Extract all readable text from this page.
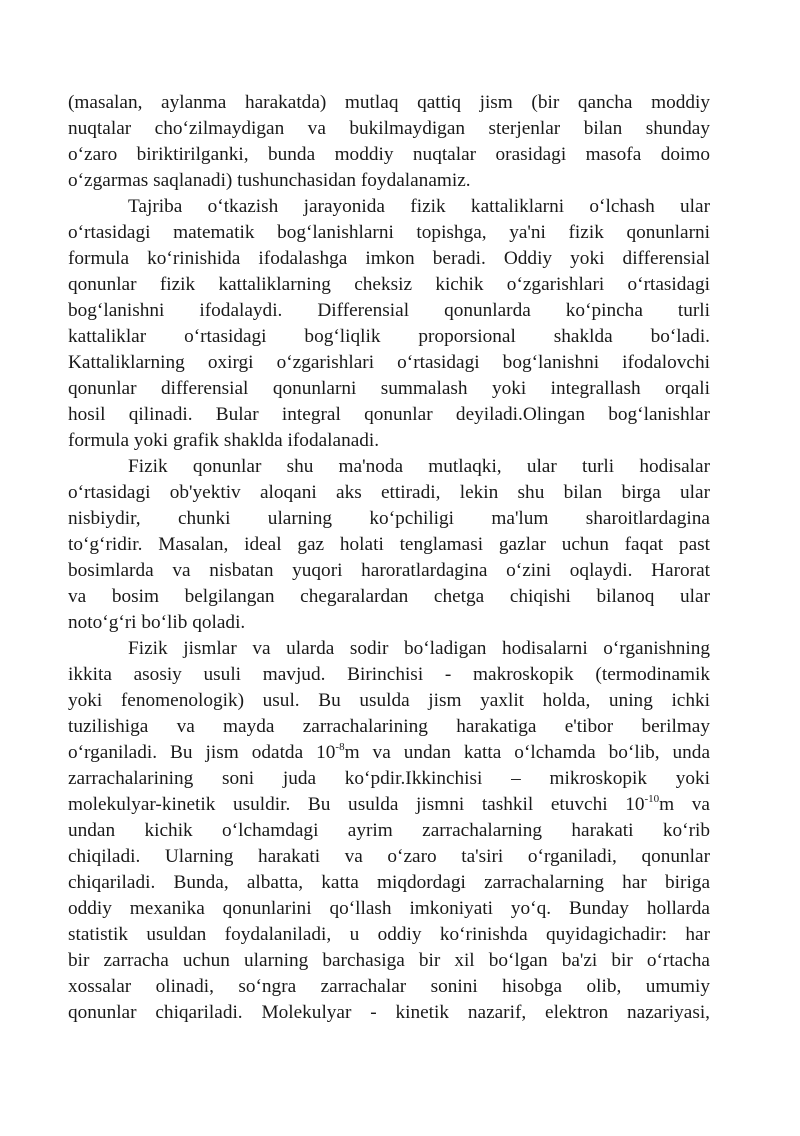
(masalan, aylanma harakatda) mutlaq qattiq jism (bir qancha moddiy
nuqtalar cho‘zilmaydigan va bukilmaydigan sterjenlar bilan shunday
o‘zaro biriktirilganki, bunda moddiy nuqtalar orasidagi masofa doimo
o‘zgarmas saqlanadi) tushunchasidan foydalanamiz.
Tajriba o‘tkazish jarayonida fizik kattaliklarni o‘lchash ular
o‘rtasidagi matematik bog‘lanishlarni topishga, ya'ni fizik qonunlarni
formula ko‘rinishida ifodalashga imkon beradi. Oddiy yoki differensial
qonunlar fizik kattaliklarning cheksiz kichik o‘zgarishlari o‘rtasidagi
bog‘lanishni ifodalaydi. Differensial qonunlarda ko‘pincha turli
kattaliklar o‘rtasidagi bog‘liqlik proporsional shaklda bo‘ladi.
Kattaliklarning oxirgi o‘zgarishlari o‘rtasidagi bog‘lanishni ifodalovchi
qonunlar differensial qonunlarni summalash yoki integrallash orqali
hosil qilinadi. Bular integral qonunlar deyiladi.Olingan bog‘lanishlar
formula yoki grafik shaklda ifodalanadi.
Fizik qonunlar shu ma'noda mutlaqki, ular turli hodisalar
o‘rtasidagi ob'yektiv aloqani aks ettiradi, lekin shu bilan birga ular
nisbiydir, chunki ularning ko‘pchiligi ma'lum sharoitlardagina
to‘g‘ridir. Masalan, ideal gaz holati tenglamasi gazlar uchun faqat past
bosimlarda va nisbatan yuqori haroratlardagina o‘zini oqlaydi. Harorat
va bosim belgilangan chegaralardan chetga chiqishi bilanoq ular
noto‘g‘ri bo‘lib qoladi.
Fizik jismlar va ularda sodir bo‘ladigan hodisalarni o‘rganishning
ikkita asosiy usuli mavjud. Birinchisi - makroskopik (termodinamik
yoki fenomenologik) usul. Bu usulda jism yaxlit holda, uning ichki
tuzilishiga va mayda zarrachalarining harakatiga e'tibor berilmay
o‘rganiladi. Bu jism odatda $10^{-8}m$ va undan katta o‘lchamda bo‘lib, unda
zarrachalarining soni juda ko‘pdir.Ikkinchisi – mikroskopik yoki
molekulyar-kinetik usuldir. Bu usulda jismni tashkil etuvchi $10^{-10}m$ va
undan kichik o‘lchamdagi ayrim zarrachalarning harakati ko‘rib
chiqiladi. Ularning harakati va o‘zaro ta'siri o‘rganiladi, qonunlar
chiqariladi. Bunda, albatta, katta miqdordagi zarrachalarning har biriga
oddiy mexanika qonunlarini qo‘llash imkoniyati yo‘q. Bunday hollarda
statistik usuldan foydalaniladi, u oddiy ko‘rinishda quyidagichadir: har
bir zarracha uchun ularning barchasiga bir xil bo‘lgan ba'zi bir o‘rtacha
xossalar olinadi, so‘ngra zarrachalar sonini hisobga olib, umumiy
qonunlar chiqariladi. Molekulyar - kinetik nazarif, elektron nazariyasi,
